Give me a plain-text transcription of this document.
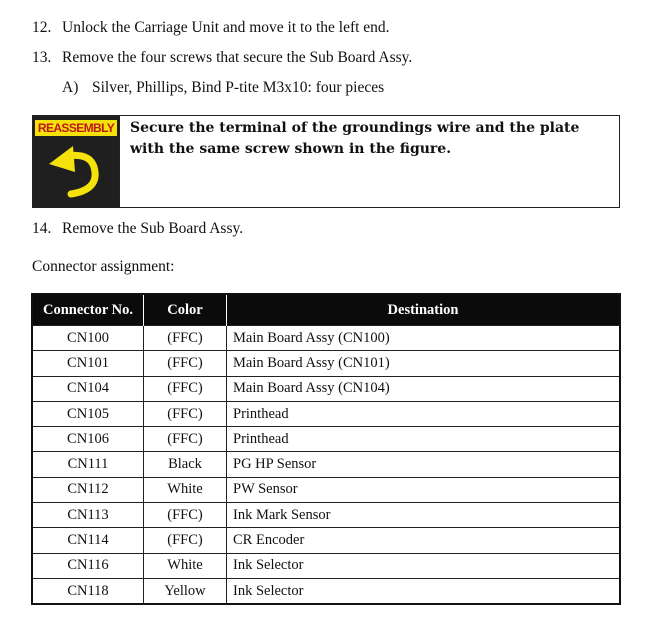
12. Unlock the Carriage Unit and move it to the left end.
13. Remove the four screws that secure the Sub Board Assy.
A) Silver, Phillips, Bind P-tite M3x10: four pieces
REASSEMBLY Secure the terminal of the groundings wire and the plate with the same screw shown in the figure.
14. Remove the Sub Board Assy.
Connector assignment:
Connector No.	Color	Destination
CN100	(FFC)	Main Board Assy (CN100)
CN101	(FFC)	Main Board Assy (CN101)
CN104	(FFC)	Main Board Assy (CN104)
CN105	(FFC)	Printhead
CN106	(FFC)	Printhead
CN111	Black	PG HP Sensor
CN112	White	PW Sensor
CN113	(FFC)	Ink Mark Sensor
CN114	(FFC)	CR Encoder
CN116	White	Ink Selector
CN118	Yellow	Ink Selector
